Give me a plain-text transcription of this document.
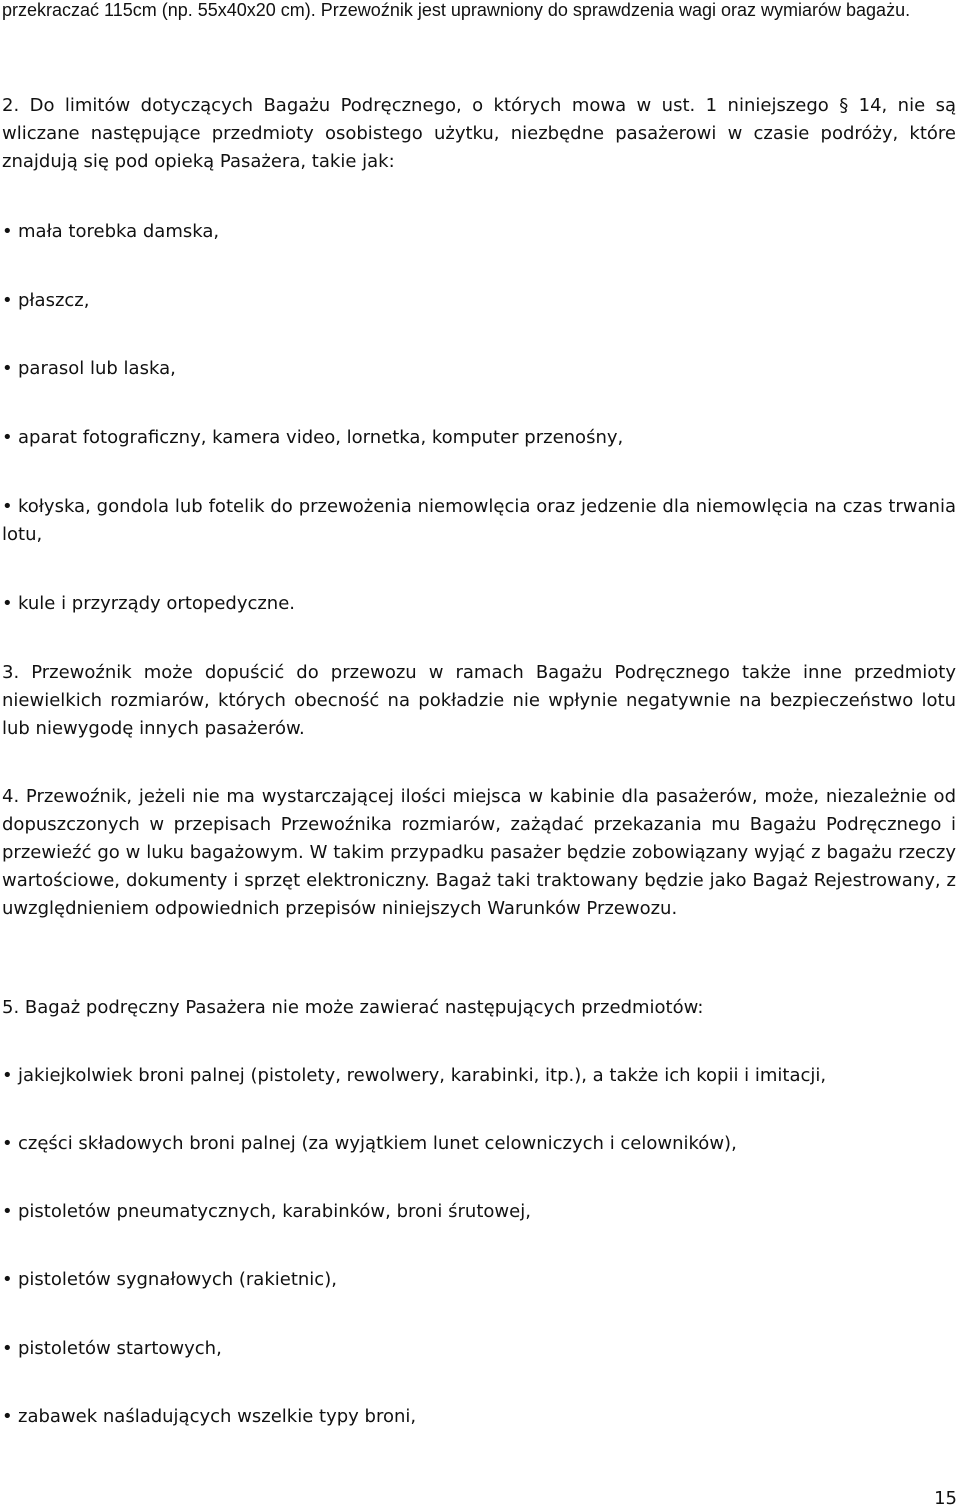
przekraczać 115cm (np. 55x40x20 cm). Przewoźnik jest uprawniony do sprawdzenia wagi oraz wymiarów bagażu.

2. Do limitów dotyczących Bagażu Podręcznego, o których mowa w ust. 1 niniejszego § 14, nie są wliczane następujące przedmioty osobistego użytku, niezbędne pasażerowi w czasie podróży, które znajdują się pod opieką Pasażera, takie jak:

• mała torebka damska,

• płaszcz,

• parasol lub laska,

• aparat fotograficzny, kamera video, lornetka, komputer przenośny,

• kołyska, gondola lub fotelik do przewożenia niemowlęcia oraz jedzenie dla niemowlęcia na czas trwania lotu,

• kule i przyrządy ortopedyczne.

3. Przewoźnik może dopuścić do przewozu w ramach Bagażu Podręcznego także inne przedmioty niewielkich rozmiarów, których obecność na pokładzie nie wpłynie negatywnie na bezpieczeństwo lotu lub niewygodę innych pasażerów.

4. Przewoźnik, jeżeli nie ma wystarczającej ilości miejsca w kabinie dla pasażerów, może, niezależnie od dopuszczonych w przepisach Przewoźnika rozmiarów, zażądać przekazania mu Bagażu Podręcznego i przewieźć go w luku bagażowym. W takim przypadku pasażer będzie zobowiązany wyjąć z bagażu rzeczy wartościowe, dokumenty i sprzęt elektroniczny. Bagaż taki traktowany będzie jako Bagaż Rejestrowany, z uwzględnieniem odpowiednich przepisów niniejszych Warunków Przewozu.

5. Bagaż podręczny Pasażera nie może zawierać następujących przedmiotów:

• jakiejkolwiek broni palnej (pistolety, rewolwery, karabinki, itp.), a także ich kopii i imitacji,

• części składowych broni palnej (za wyjątkiem lunet celowniczych i celowników),

• pistoletów pneumatycznych, karabinków, broni śrutowej,

• pistoletów sygnałowych (rakietnic),

• pistoletów startowych,

• zabawek naśladujących wszelkie typy broni,

15
